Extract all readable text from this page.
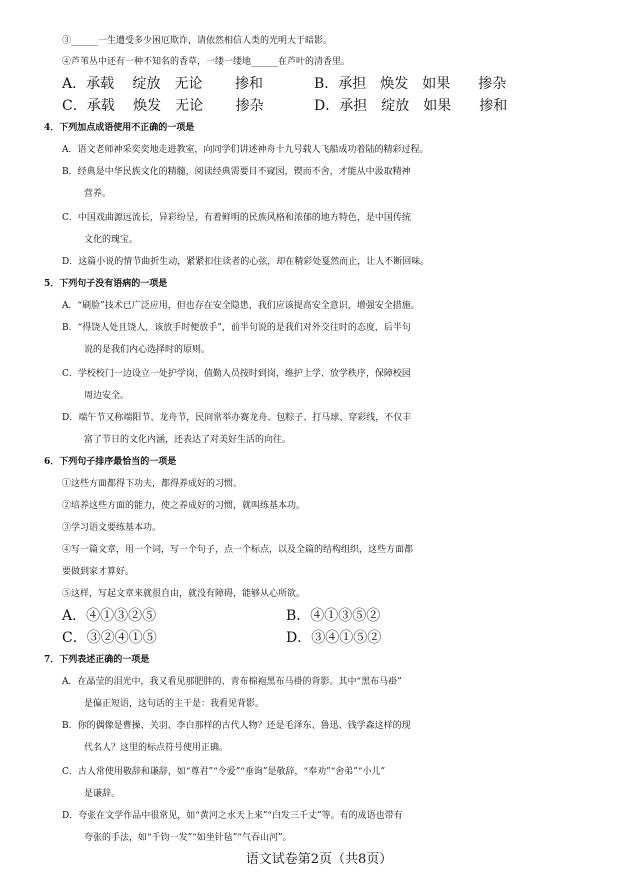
③______一生遭受多少困厄欺诈，请依然相信人类的光明大于暗影。
④芦苇丛中还有一种不知名的香草，一缕一缕地______在芦叶的清香里。
A．承载　 绽放　无论　　 掺和	B．承担　焕发　如果　　掺杂
C．承载　 焕发　无论　　 掺杂	D．承担　绽放　如果　　掺和
4．下列加点成语使用不正确的一项是
A．语文老师神采奕奕地走进教室，向同学们讲述神舟十九号载人飞船成功着陆的精彩过程。
B．经典是中华民族文化的精髓，阅读经典需要目不窥园，锲而不舍，才能从中汲取精神
营养。
C．中国戏曲源远流长，异彩纷呈，有着鲜明的民族风格和浓郁的地方特色，是中国传统
文化的瑰宝。
D．这篇小说的情节曲折生动，紧紧扣住读者的心弦，却在精彩处戛然而止，让人不断回味。
5．下列句子没有语病的一项是
A．“刷脸”技术已广泛应用，但也存在安全隐患，我们应该提高安全意识，增强安全措施。
B．“得饶人处且饶人，该放手时便放手”，前半句说的是我们对外交往时的态度，后半句
说的是我们内心选择时的原则。
C．学校校门一边设立一处护学岗，值勤人员按时到岗，维护上学、放学秩序，保障校园
周边安全。
D．端午节又称端阳节、龙舟节，民间常举办赛龙舟、包粽子、打马球、穿彩线，不仅丰
富了节日的文化内涵，还表达了对美好生活的向往。
6．下列句子排序最恰当的一项是
①这些方面都得下功夫，都得养成好的习惯。
②培养这些方面的能力，使之养成好的习惯，就叫练基本功。
③学习语文要练基本功。
④写一篇文章，用一个词，写一个句子，点一个标点，以及全篇的结构组织，这些方面都
要做到家才算好。
⑤这样，写起文章来就很自由，就没有障碍，能够从心所欲。
A．④①③②⑤	B．④①③⑤②
C．③②④①⑤	D．③④①⑤②
7．下列表述正确的一项是
A．在晶莹的泪光中，我又看见那肥胖的、青布棉袍黑布马褂的背影。其中“黑布马褂”
是偏正短语，这句话的主干是：我看见背影。
B．你的偶像是曹操、关羽、李白那样的古代人物？还是毛泽东、鲁迅、钱学森这样的现
代名人？这里的标点符号使用正确。
C．古人常使用敬辞和谦辞，如“尊君”“令爱”“垂询”是敬辞，“奉劝”“舍弟”“小儿”
是谦辞。
D．夸张在文学作品中很常见，如“黄河之水天上来”“白发三千丈”等。有的成语也带有
夸张的手法，如“千钧一发”“如坐针毡”“气吞山河”。
语文试卷第2页（共8页）
